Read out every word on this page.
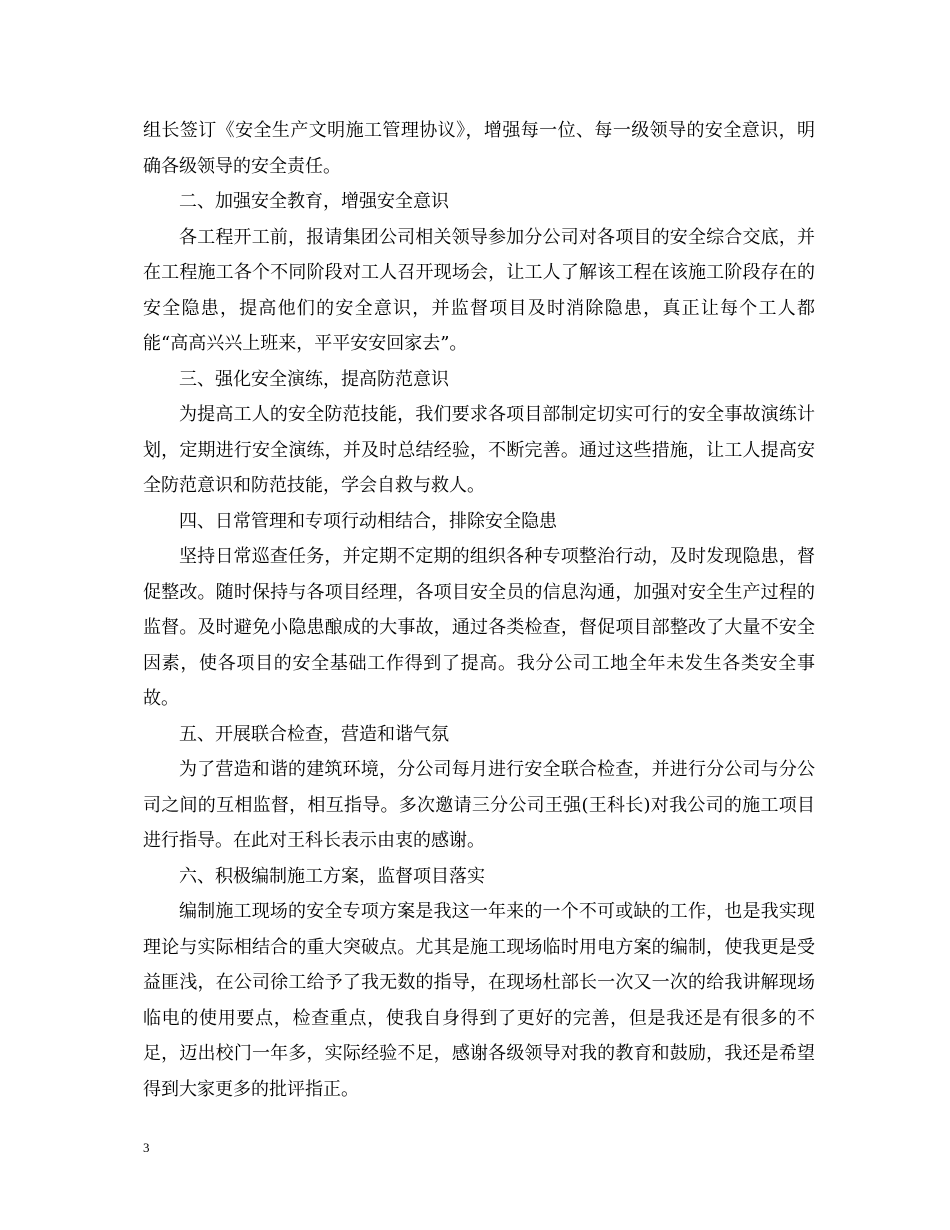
组长签订《安全生产文明施工管理协议》，增强每一位、每一级领导的安全意识，明确各级领导的安全责任。

二、加强安全教育，增强安全意识

各工程开工前，报请集团公司相关领导参加分公司对各项目的安全综合交底，并在工程施工各个不同阶段对工人召开现场会，让工人了解该工程在该施工阶段存在的安全隐患，提高他们的安全意识，并监督项目及时消除隐患，真正让每个工人都能“高高兴兴上班来，平平安安回家去”。

三、强化安全演练，提高防范意识

为提高工人的安全防范技能，我们要求各项目部制定切实可行的安全事故演练计划，定期进行安全演练，并及时总结经验，不断完善。通过这些措施，让工人提高安全防范意识和防范技能，学会自救与救人。

四、日常管理和专项行动相结合，排除安全隐患

坚持日常巡查任务，并定期不定期的组织各种专项整治行动，及时发现隐患，督促整改。随时保持与各项目经理，各项目安全员的信息沟通，加强对安全生产过程的监督。及时避免小隐患酿成的大事故，通过各类检查，督促项目部整改了大量不安全因素，使各项目的安全基础工作得到了提高。我分公司工地全年未发生各类安全事故。

五、开展联合检查，营造和谐气氛

为了营造和谐的建筑环境，分公司每月进行安全联合检查，并进行分公司与分公司之间的互相监督，相互指导。多次邀请三分公司王强(王科长)对我公司的施工项目进行指导。在此对王科长表示由衷的感谢。

六、积极编制施工方案，监督项目落实

编制施工现场的安全专项方案是我这一年来的一个不可或缺的工作，也是我实现理论与实际相结合的重大突破点。尤其是施工现场临时用电方案的编制，使我更是受益匪浅，在公司徐工给予了我无数的指导，在现场杜部长一次又一次的给我讲解现场临电的使用要点，检查重点，使我自身得到了更好的完善，但是我还是有很多的不足，迈出校门一年多，实际经验不足，感谢各级领导对我的教育和鼓励，我还是希望得到大家更多的批评指正。

3
